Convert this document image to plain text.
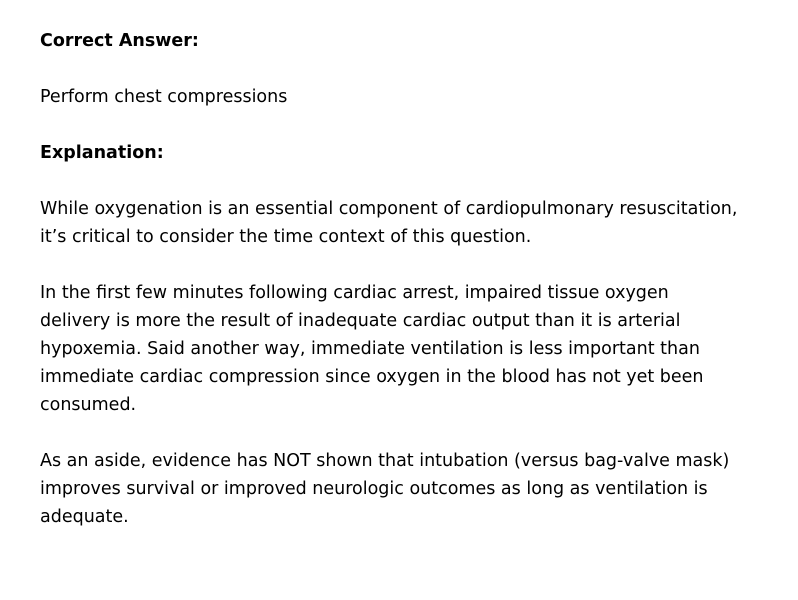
Correct Answer:

Perform chest compressions

Explanation:

While oxygenation is an essential component of cardiopulmonary resuscitation, it’s critical to consider the time context of this question.

In the first few minutes following cardiac arrest, impaired tissue oxygen delivery is more the result of inadequate cardiac output than it is arterial hypoxemia. Said another way, immediate ventilation is less important than immediate cardiac compression since oxygen in the blood has not yet been consumed.

As an aside, evidence has NOT shown that intubation (versus bag-valve mask) improves survival or improved neurologic outcomes as long as ventilation is adequate.
